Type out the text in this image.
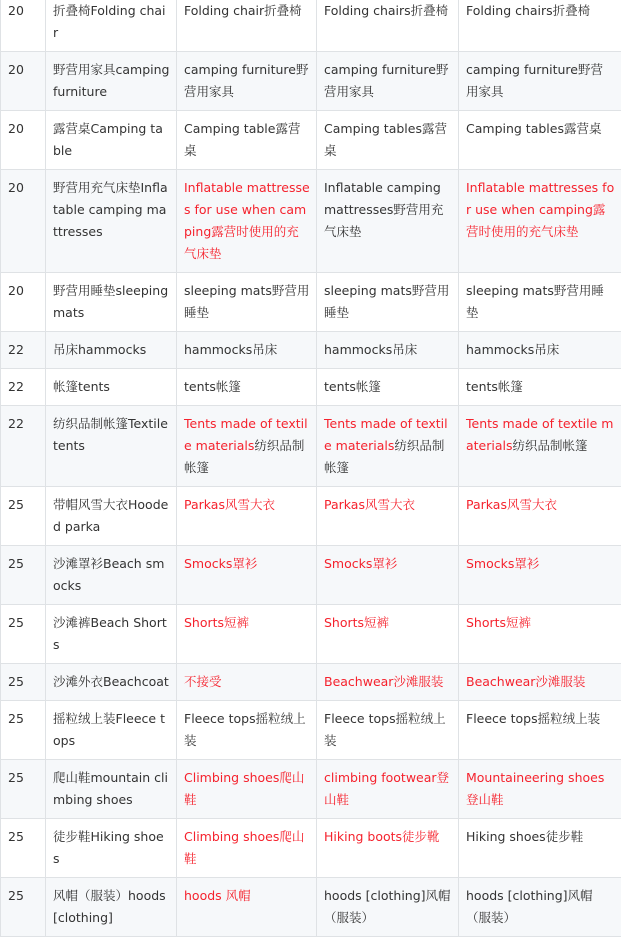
20	折叠椅Folding chair	Folding chair折叠椅	Folding chairs折叠椅	Folding chairs折叠椅
20	野营用家具camping furniture	camping furniture野营用家具	camping furniture野营用家具	camping furniture野营用家具
20	露营桌Camping table	Camping table露营桌	Camping tables露营桌	Camping tables露营桌
20	野营用充气床垫Inflatable camping mattresses	Inflatable mattresses for use when camping露营时使用的充气床垫	Inflatable camping mattresses野营用充气床垫	Inflatable mattresses for use when camping露营时使用的充气床垫
20	野营用睡垫sleeping mats	sleeping mats野营用睡垫	sleeping mats野营用睡垫	sleeping mats野营用睡垫
22	吊床hammocks	hammocks吊床	hammocks吊床	hammocks吊床
22	帐篷tents	tents帐篷	tents帐篷	tents帐篷
22	纺织品制帐篷Textile tents	Tents made of textile materials纺织品制帐篷	Tents made of textile materials纺织品制帐篷	Tents made of textile materials纺织品制帐篷
25	带帽风雪大衣Hooded parka	Parkas风雪大衣	Parkas风雪大衣	Parkas风雪大衣
25	沙滩罩衫Beach smocks	Smocks罩衫	Smocks罩衫	Smocks罩衫
25	沙滩裤Beach Shorts	Shorts短裤	Shorts短裤	Shorts短裤
25	沙滩外衣Beachcoat	不接受	Beachwear沙滩服装	Beachwear沙滩服装
25	摇粒绒上装Fleece tops	Fleece tops摇粒绒上装	Fleece tops摇粒绒上装	Fleece tops摇粒绒上装
25	爬山鞋mountain climbing shoes	Climbing shoes爬山鞋	climbing footwear登山鞋	Mountaineering shoes登山鞋
25	徒步鞋Hiking shoes	Climbing shoes爬山鞋	Hiking boots徒步靴	Hiking shoes徒步鞋
25	风帽（服装）hoods [clothing]	hoods 风帽	hoods [clothing]风帽（服装）	hoods [clothing]风帽（服装）
